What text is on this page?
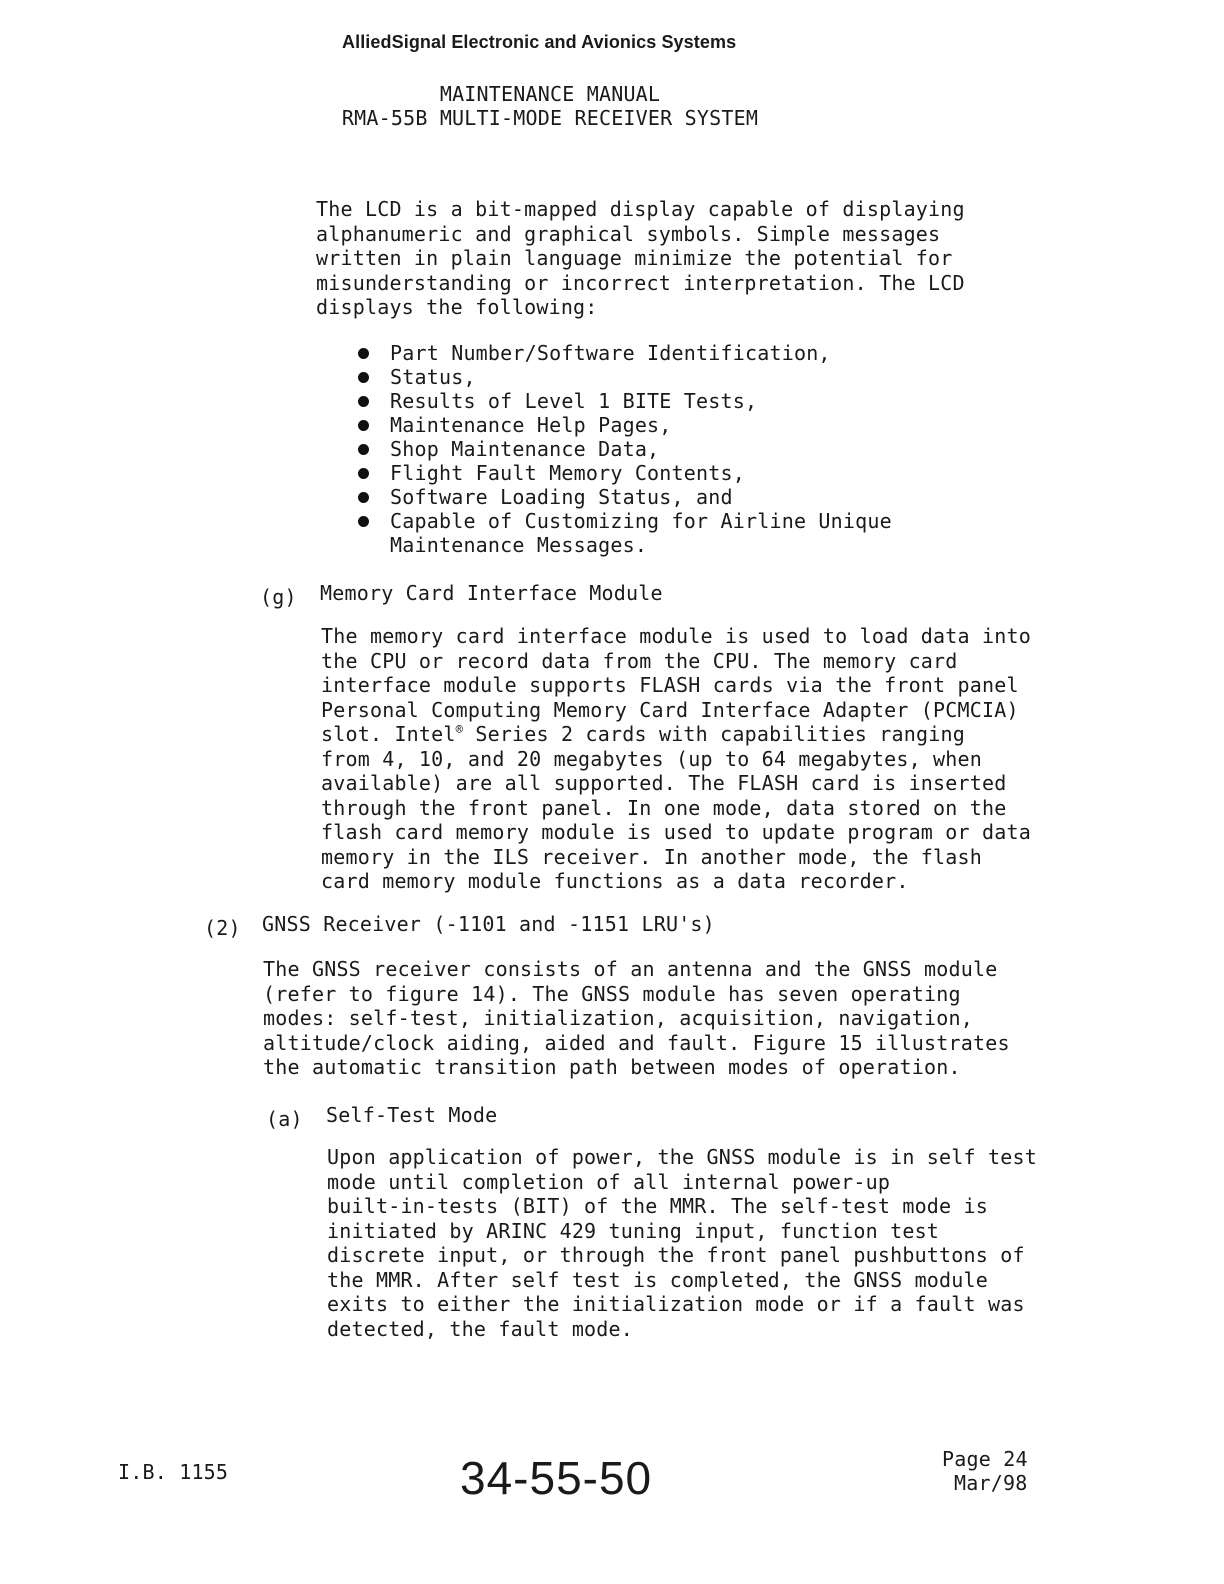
AlliedSignal Electronic and Avionics Systems
MAINTENANCE MANUAL
RMA-55B MULTI-MODE RECEIVER SYSTEM
The LCD is a bit-mapped display capable of displaying
alphanumeric and graphical symbols. Simple messages
written in plain language minimize the potential for
misunderstanding or incorrect interpretation. The LCD
displays the following:
Part Number/Software Identification,
Status,
Results of Level 1 BITE Tests,
Maintenance Help Pages,
Shop Maintenance Data,
Flight Fault Memory Contents,
Software Loading Status, and
Capable of Customizing for Airline Unique
Maintenance Messages.
(g) Memory Card Interface Module
The memory card interface module is used to load data into
the CPU or record data from the CPU. The memory card
interface module supports FLASH cards via the front panel
Personal Computing Memory Card Interface Adapter (PCMCIA)
slot. Intel® Series 2 cards with capabilities ranging
from 4, 10, and 20 megabytes (up to 64 megabytes, when
available) are all supported. The FLASH card is inserted
through the front panel. In one mode, data stored on the
flash card memory module is used to update program or data
memory in the ILS receiver. In another mode, the flash
card memory module functions as a data recorder.
(2) GNSS Receiver (-1101 and -1151 LRU's)
The GNSS receiver consists of an antenna and the GNSS module
(refer to figure 14). The GNSS module has seven operating
modes: self-test, initialization, acquisition, navigation,
altitude/clock aiding, aided and fault. Figure 15 illustrates
the automatic transition path between modes of operation.
(a) Self-Test Mode
Upon application of power, the GNSS module is in self test
mode until completion of all internal power-up
built-in-tests (BIT) of the MMR. The self-test mode is
initiated by ARINC 429 tuning input, function test
discrete input, or through the front panel pushbuttons of
the MMR. After self test is completed, the GNSS module
exits to either the initialization mode or if a fault was
detected, the fault mode.
I.B. 1155	34-55-50	Page 24
Mar/98
